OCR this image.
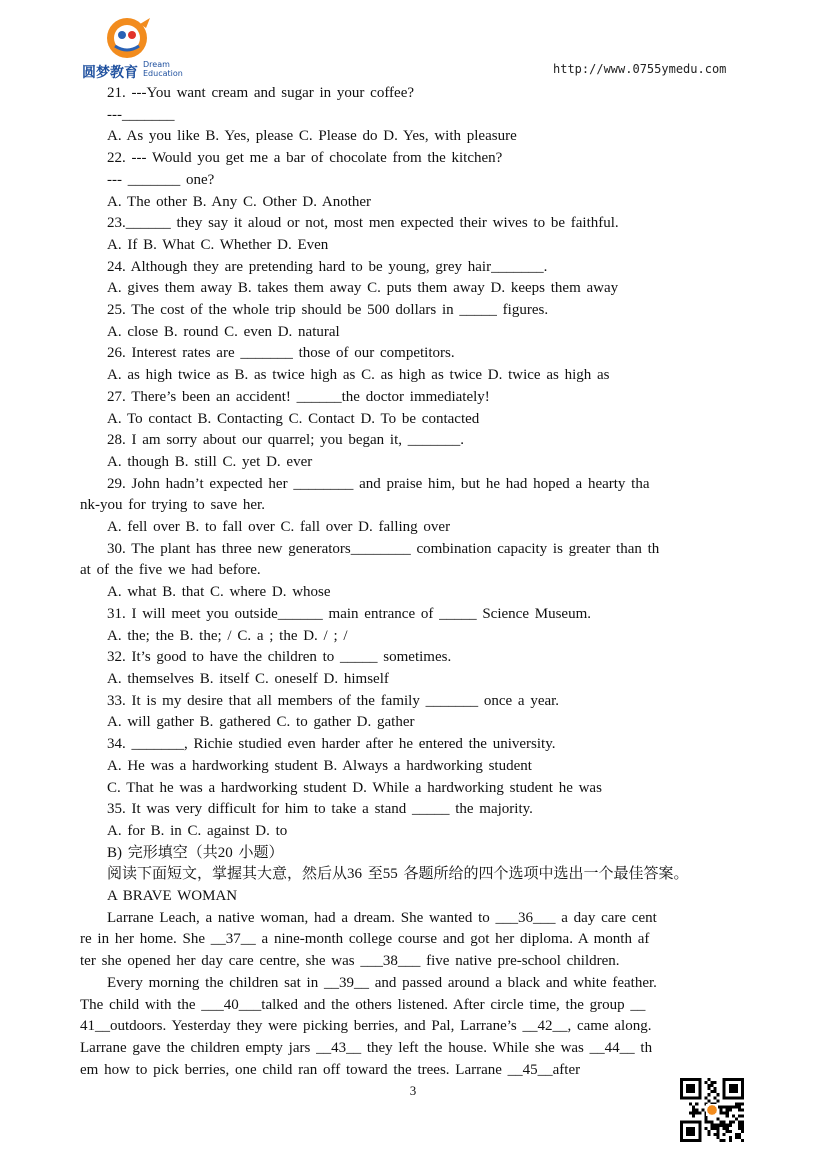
圆梦教育
Dream
Education	http://www.0755ymedu.com
21. ---You want cream and sugar in your coffee?
---_______
A. As you like B. Yes, please C. Please do D. Yes, with pleasure
22. --- Would you get me a bar of chocolate from the kitchen?
--- _______ one?
A. The other B. Any C. Other D. Another
23.______ they say it aloud or not, most men expected their wives to be faithful.
A. If B. What C. Whether D. Even
24. Although they are pretending hard to be young, grey hair_______.
A. gives them away B. takes them away C. puts them away D. keeps them away
25. The cost of the whole trip should be 500 dollars in _____ figures.
A. close B. round C. even D. natural
26. Interest rates are _______ those of our competitors.
A. as high twice as B. as twice high as C. as high as twice D. twice as high as
27. There’s been an accident! ______the doctor immediately!
A. To contact B. Contacting C. Contact D. To be contacted
28. I am sorry about our quarrel; you began it, _______.
A. though B. still C. yet D. ever
29. John hadn’t expected her ________ and praise him, but he had hoped a hearty tha
nk-you for trying to save her.
A. fell over B. to fall over C. fall over D. falling over
30. The plant has three new generators________ combination capacity is greater than th
at of the five we had before.
A. what B. that C. where D. whose
31. I will meet you outside______ main entrance of _____ Science Museum.
A. the; the B. the; / C. a ; the D. / ; /
32. It’s good to have the children to _____ sometimes.
A. themselves B. itself C. oneself D. himself
33. It is my desire that all members of the family _______ once a year.
A. will gather B. gathered C. to gather D. gather
34. _______, Richie studied even harder after he entered the university.
A. He was a hardworking student B. Always a hardworking student
C. That he was a hardworking student D. While a hardworking student he was
35. It was very difficult for him to take a stand _____ the majority.
A. for B. in C. against D. to
B) 完形填空（共20 小题）
阅读下面短文，掌握其大意，然后从36 至55 各题所给的四个选项中选出一个最佳答案。
A BRAVE WOMAN
Larrane Leach, a native woman, had a dream. She wanted to ___36___ a day care cent
re in her home. She __37__ a nine-month college course and got her diploma. A month af
ter she opened her day care centre, she was ___38___ five native pre-school children.
Every morning the children sat in __39__ and passed around a black and white feather.
The child with the ___40___talked and the others listened. After circle time, the group __
41__outdoors. Yesterday they were picking berries, and Pal, Larrane’s __42__, came along.
Larrane gave the children empty jars __43__ they left the house. While she was __44__ th
em how to pick berries, one child ran off toward the trees. Larrane __45__after
3
